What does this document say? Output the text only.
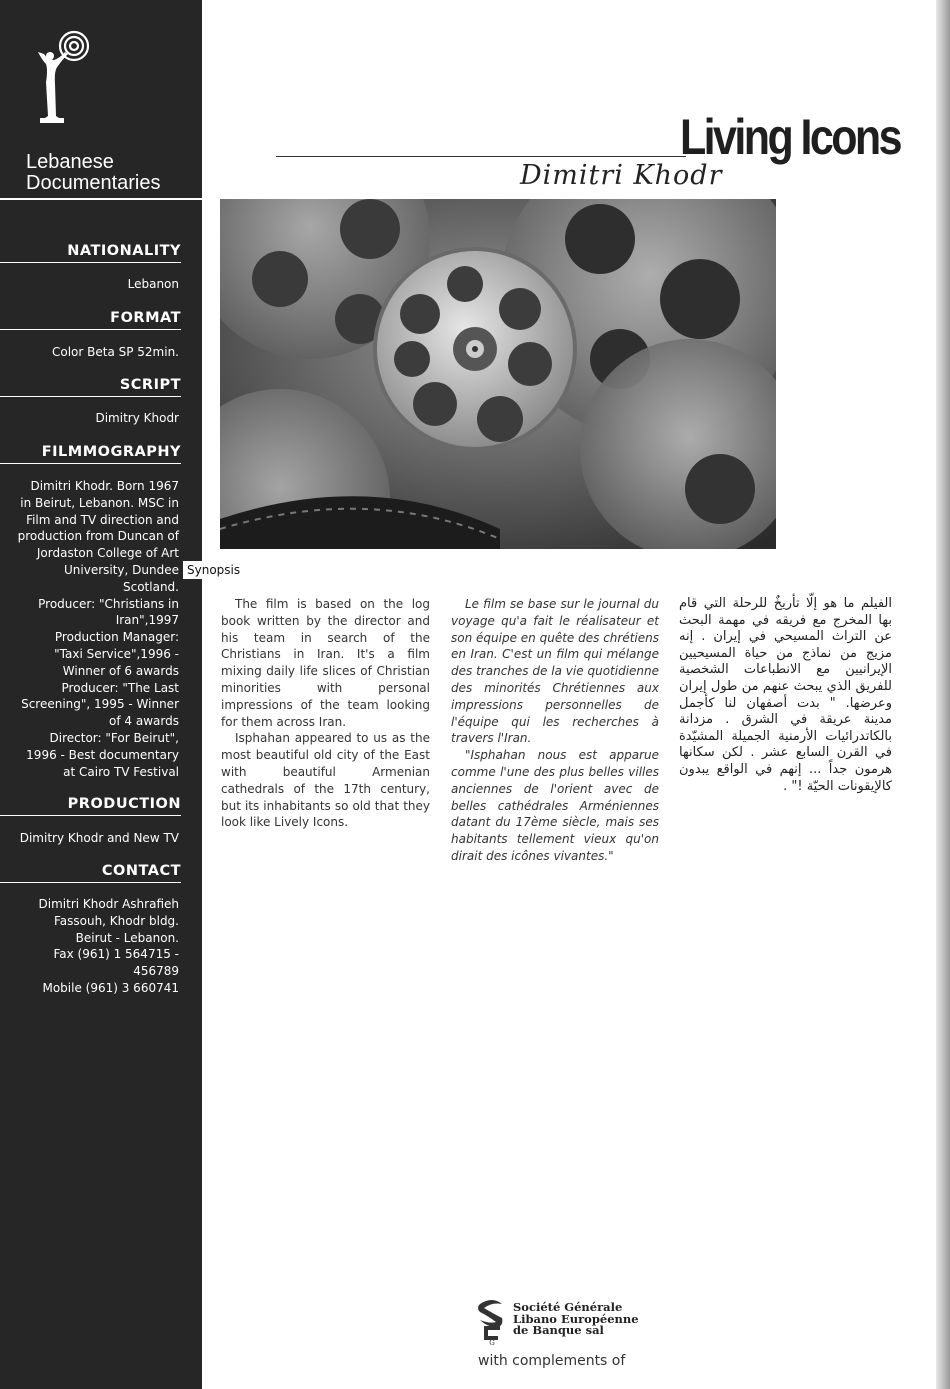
Lebanese
Documentaries
NATIONALITY
Lebanon
FORMAT
Color Beta SP 52min.
SCRIPT
Dimitry Khodr
FILMMOGRAPHY
Dimitri Khodr. Born 1967
in Beirut, Lebanon. MSC in
Film and TV direction and
production from Duncan of
Jordaston College of Art
University, Dundee
Scotland.
Producer: "Christians in
Iran",1997
Production Manager:
"Taxi Service",1996 -
Winner of 6 awards
Producer: "The Last
Screening", 1995 - Winner
of 4 awards
Director: "For Beirut",
1996 - Best documentary
at Cairo TV Festival
PRODUCTION
Dimitry Khodr and New TV
CONTACT
Dimitri Khodr Ashrafieh
Fassouh, Khodr bldg.
Beirut - Lebanon.
Fax (961) 1 564715 - 456789
Mobile (961) 3 660741
Living Icons
Dimitri Khodr
Synopsis

The film is based on the log book written by the director and his team in search of the Christians in Iran. It's a film mixing daily life slices of Christian minorities with personal impressions of the team looking for them across Iran.

Isphahan appeared to us as the most beautiful old city of the East with beautiful Armenian cathedrals of the 17th century, but its inhabitants so old that they look like Lively Icons.

Le film se base sur le journal du voyage qu'a fait le réalisateur et son équipe en quête des chrétiens en Iran. C'est un film qui mélange des tranches de la vie quotidienne des minorités Chrétiennes aux impressions personnelles de l'équipe qui les recherches à travers l'Iran.

"Isphahan nous est apparue comme l'une des plus belles villes anciennes de l'orient avec de belles cathédrales Arméniennes datant du 17ème siècle, mais ses habitants tellement vieux qu'on dirait des icônes vivantes."

الفيلم ما هو إلّا تأريخٌ للرحلة التي قام بها المخرج مع فريقه في مهمة البحث عن التراث المسيحي في إيران . إنه مزيج من نماذج من حياة المسيحيين الإيرانيين مع الانطباعات الشخصية للفريق الذي يبحث عنهم من طول إيران وعرضها. " بدت أصفهان لنا كأجمل مدينة عريقة في الشرق . مزدانة بالكاتدرائيات الأرمنية الجميلة المشيّدة في القرن السابع عشر . لكن سكانها هرمون جداً ... إنهم في الواقع يبدون كالإيقونات الحيّة !" .
G
Société Générale
Libano Européenne
de Banque sal
with complements of
